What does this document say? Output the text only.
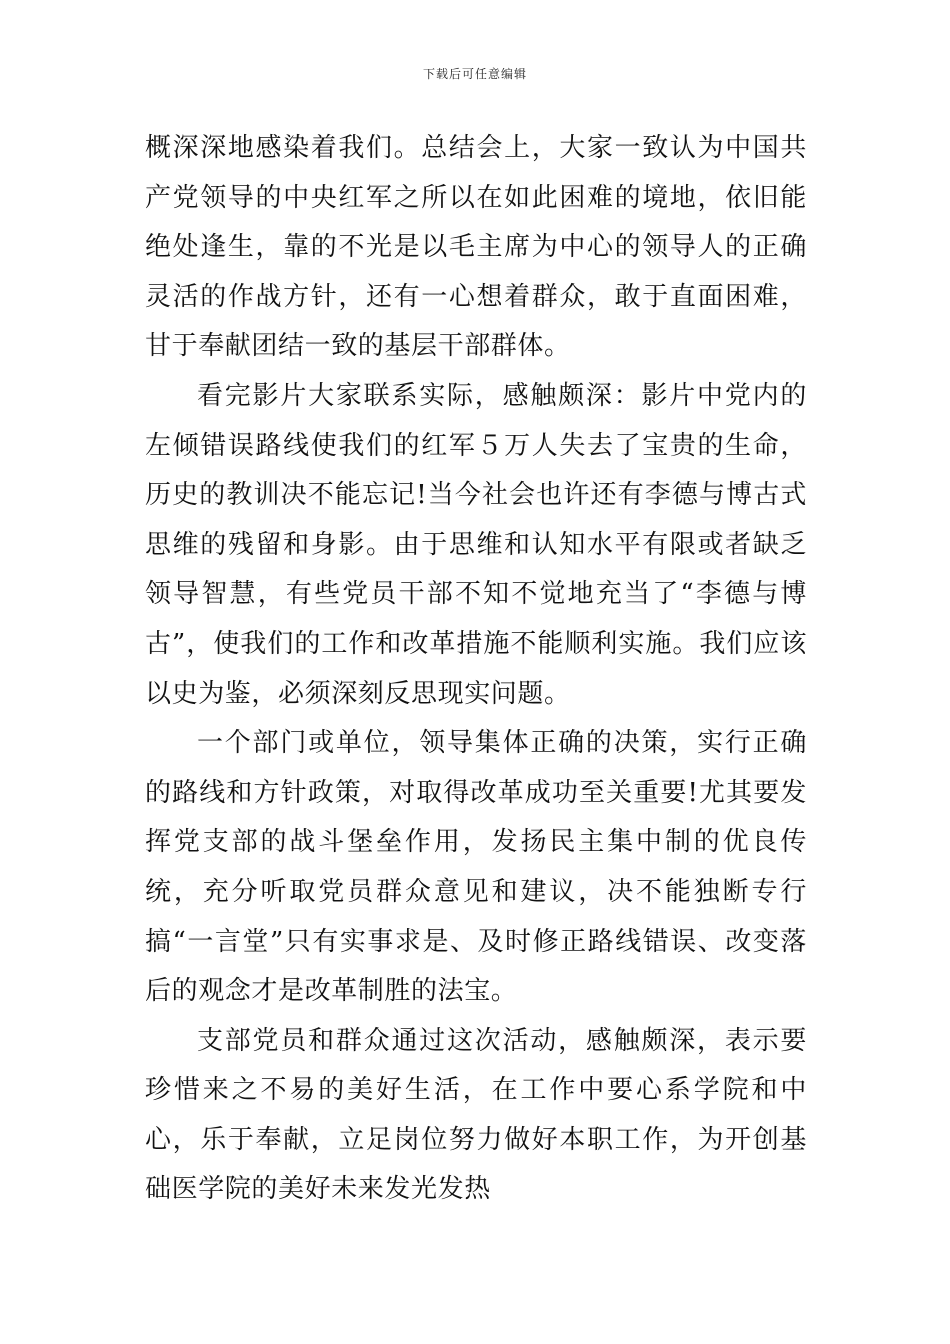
下载后可任意编辑

概深深地感染着我们。总结会上，大家一致认为中国共产党领导的中央红军之所以在如此困难的境地，依旧能绝处逢生，靠的不光是以毛主席为中心的领导人的正确灵活的作战方针，还有一心想着群众，敢于直面困难，甘于奉献团结一致的基层干部群体。

看完影片大家联系实际，感触颇深：影片中党内的左倾错误路线使我们的红军５万人失去了宝贵的生命，历史的教训决不能忘记!当今社会也许还有李德与博古式思维的残留和身影。由于思维和认知水平有限或者缺乏领导智慧，有些党员干部不知不觉地充当了“李德与博古”，使我们的工作和改革措施不能顺利实施。我们应该以史为鉴，必须深刻反思现实问题。

一个部门或单位，领导集体正确的决策，实行正确的路线和方针政策，对取得改革成功至关重要!尤其要发挥党支部的战斗堡垒作用，发扬民主集中制的优良传统，充分听取党员群众意见和建议，决不能独断专行搞“一言堂”只有实事求是、及时修正路线错误、改变落后的观念才是改革制胜的法宝。

支部党员和群众通过这次活动，感触颇深，表示要珍惜来之不易的美好生活，在工作中要心系学院和中心，乐于奉献，立足岗位努力做好本职工作，为开创基础医学院的美好未来发光发热
